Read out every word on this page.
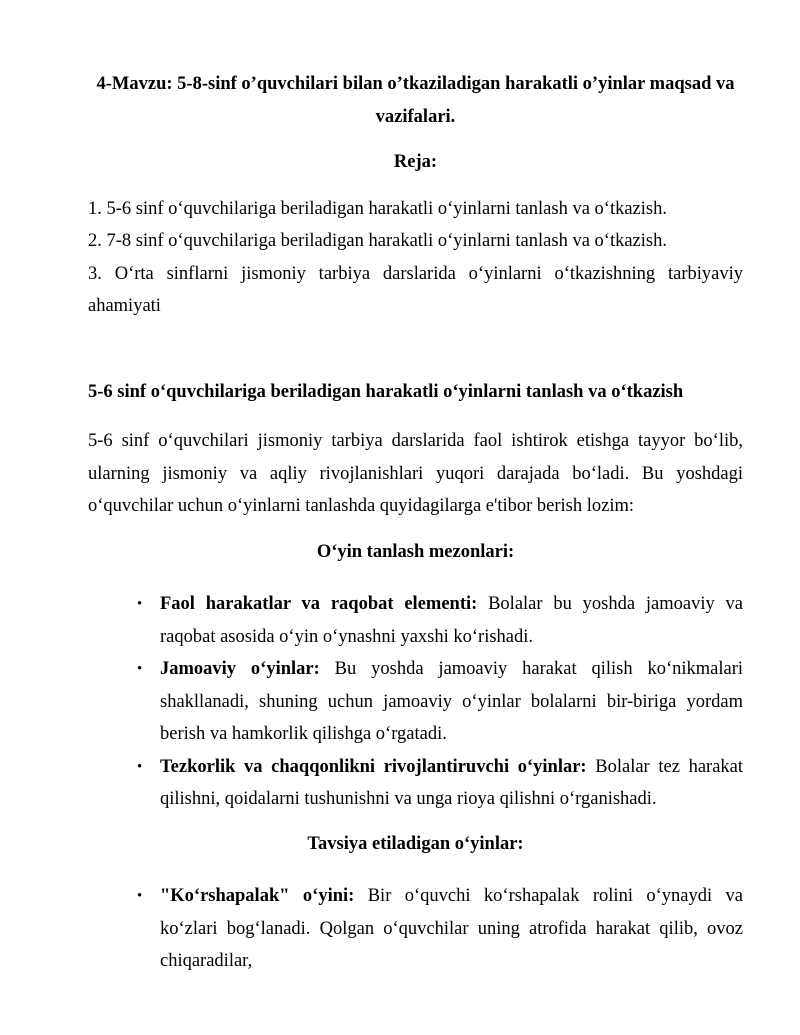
4-Mavzu: 5-8-sinf o’quvchilari bilan o’tkaziladigan harakatli o’yinlar maqsad va vazifalari.

Reja:

1. 5-6 sinf o‘quvchilariga beriladigan harakatli o‘yinlarni tanlash va o‘tkazish.

2. 7-8 sinf o‘quvchilariga beriladigan harakatli o‘yinlarni tanlash va o‘tkazish.

3. O‘rta sinflarni jismoniy tarbiya darslarida o‘yinlarni o‘tkazishning tarbiyaviy ahamiyati

5-6 sinf o‘quvchilariga beriladigan harakatli o‘yinlarni tanlash va o‘tkazish

5-6 sinf o‘quvchilari jismoniy tarbiya darslarida faol ishtirok etishga tayyor bo‘lib, ularning jismoniy va aqliy rivojlanishlari yuqori darajada bo‘ladi. Bu yoshdagi o‘quvchilar uchun o‘yinlarni tanlashda quyidagilarga e'tibor berish lozim:

O‘yin tanlash mezonlari:

• Faol harakatlar va raqobat elementi: Bolalar bu yoshda jamoaviy va raqobat asosida o‘yin o‘ynashni yaxshi ko‘rishadi.
• Jamoaviy o‘yinlar: Bu yoshda jamoaviy harakat qilish ko‘nikmalari shakllanadi, shuning uchun jamoaviy o‘yinlar bolalarni bir-biriga yordam berish va hamkorlik qilishga o‘rgatadi.
• Tezkorlik va chaqqonlikni rivojlantiruvchi o‘yinlar: Bolalar tez harakat qilishni, qoidalarni tushunishni va unga rioya qilishni o‘rganishadi.

Tavsiya etiladigan o‘yinlar:

• "Ko‘rshapalak" o‘yini: Bir o‘quvchi ko‘rshapalak rolini o‘ynaydi va ko‘zlari bog‘lanadi. Qolgan o‘quvchilar uning atrofida harakat qilib, ovoz chiqaradilar,
